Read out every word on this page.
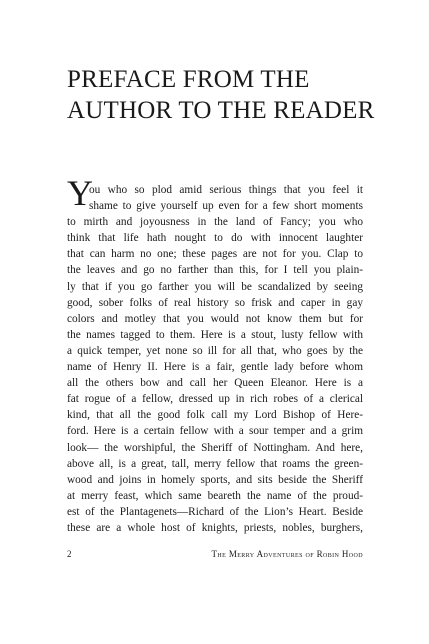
PREFACE FROM THE
AUTHOR TO THE READER
Y
ou who so plod amid serious things that you feel it
shame to give yourself up even for a few short moments
to mirth and joyousness in the land of Fancy; you who
think that life hath nought to do with innocent laughter
that can harm no one; these pages are not for you. Clap to
the leaves and go no farther than this, for I tell you plain-
ly that if you go farther you will be scandalized by seeing
good, sober folks of real history so frisk and caper in gay
colors and motley that you would not know them but for
the names tagged to them. Here is a stout, lusty fellow with
a quick temper, yet none so ill for all that, who goes by the
name of Henry II. Here is a fair, gentle lady before whom
all the others bow and call her Queen Eleanor. Here is a
fat rogue of a fellow, dressed up in rich robes of a clerical
kind, that all the good folk call my Lord Bishop of Here-
ford. Here is a certain fellow with a sour temper and a grim
look— the worshipful, the Sheriff of Nottingham. And here,
above all, is a great, tall, merry fellow that roams the green-
wood and joins in homely sports, and sits beside the Sheriff
at merry feast, which same beareth the name of the proud-
est of the Plantagenets—Richard of the Lion’s Heart. Beside
these are a whole host of knights, priests, nobles, burghers,
2	The Merry Adventures of Robin Hood
